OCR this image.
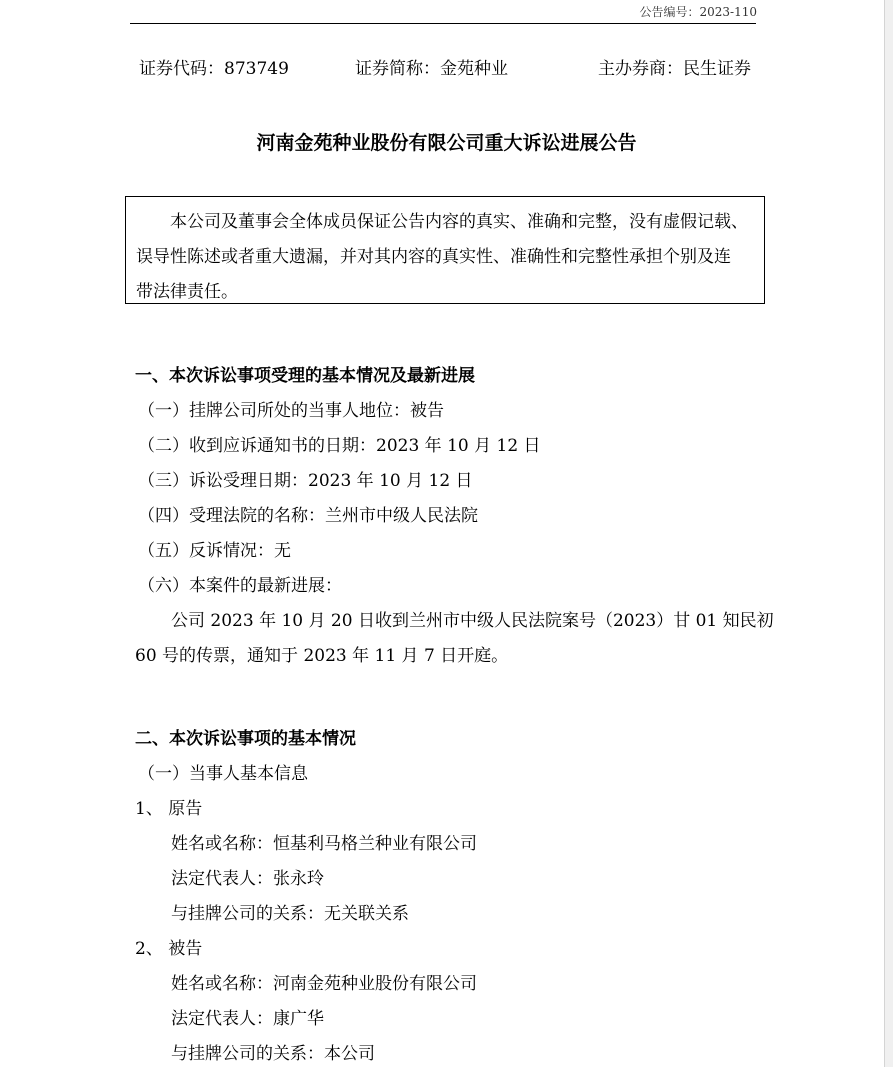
公告编号：2023-110
证券代码：873749	证券简称：金苑种业	主办券商：民生证券
河南金苑种业股份有限公司重大诉讼进展公告
本公司及董事会全体成员保证公告内容的真实、准确和完整，没有虚假记载、
误导性陈述或者重大遗漏，并对其内容的真实性、准确性和完整性承担个别及连
带法律责任。
一、本次诉讼事项受理的基本情况及最新进展
（一）挂牌公司所处的当事人地位：被告
（二）收到应诉通知书的日期：2023 年 10 月 12 日
（三）诉讼受理日期：2023 年 10 月 12 日
（四）受理法院的名称：兰州市中级人民法院
（五）反诉情况：无
（六）本案件的最新进展：
公司 2023 年 10 月 20 日收到兰州市中级人民法院案号（2023）甘 01 知民初
60 号的传票，通知于 2023 年 11 月 7 日开庭。
二、本次诉讼事项的基本情况
（一）当事人基本信息
1、 原告
姓名或名称：恒基利马格兰种业有限公司
法定代表人：张永玲
与挂牌公司的关系：无关联关系
2、 被告
姓名或名称：河南金苑种业股份有限公司
法定代表人：康广华
与挂牌公司的关系：本公司
